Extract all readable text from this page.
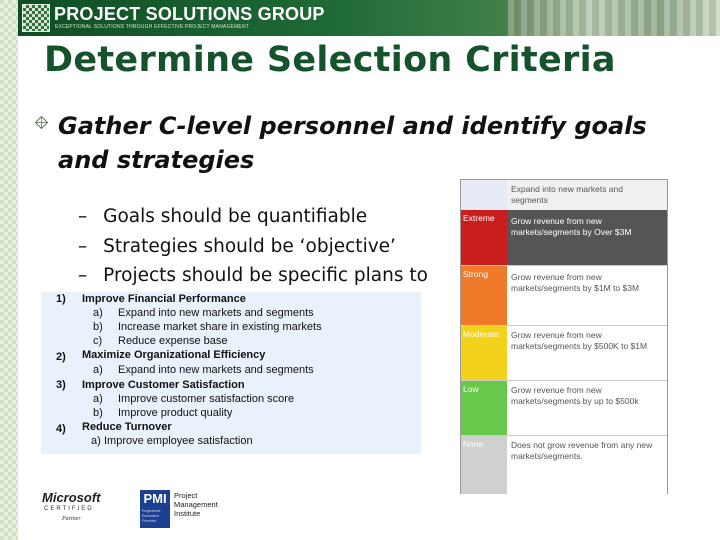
PROJECT SOLUTIONS GROUP
EXCEPTIONAL SOLUTIONS THROUGH EFFECTIVE PROJECT MANAGEMENT
Determine Selection Criteria
Gather C-level personnel and identify goals and strategies
– Goals should be quantifiable
– Strategies should be ‘objective’
– Projects should be specific plans to
1) Improve Financial Performance
a) Expand into new markets and segments
b) Increase market share in existing markets
c) Reduce expense base
2) Maximize Organizational Efficiency
a) Expand into new markets and segments
3) Improve Customer Satisfaction
a) Improve customer satisfaction score
b) Improve product quality
4) Reduce Turnover
a) Improve employee satisfaction
Expand into new markets and segments
Extreme Grow revenue from new markets/segments by Over $3M
Strong	Grow revenue from new markets/segments by $1M to $3M
Moderate Grow revenue from new markets/segments by $500K to $1M
Low	Grow revenue from new markets/segments by up to $500k
None	Does not grow revenue from any new markets/segments.
Microsoft
CERTIFIED
Partner
PMI
Registered Education Provider
Project Management Institute
